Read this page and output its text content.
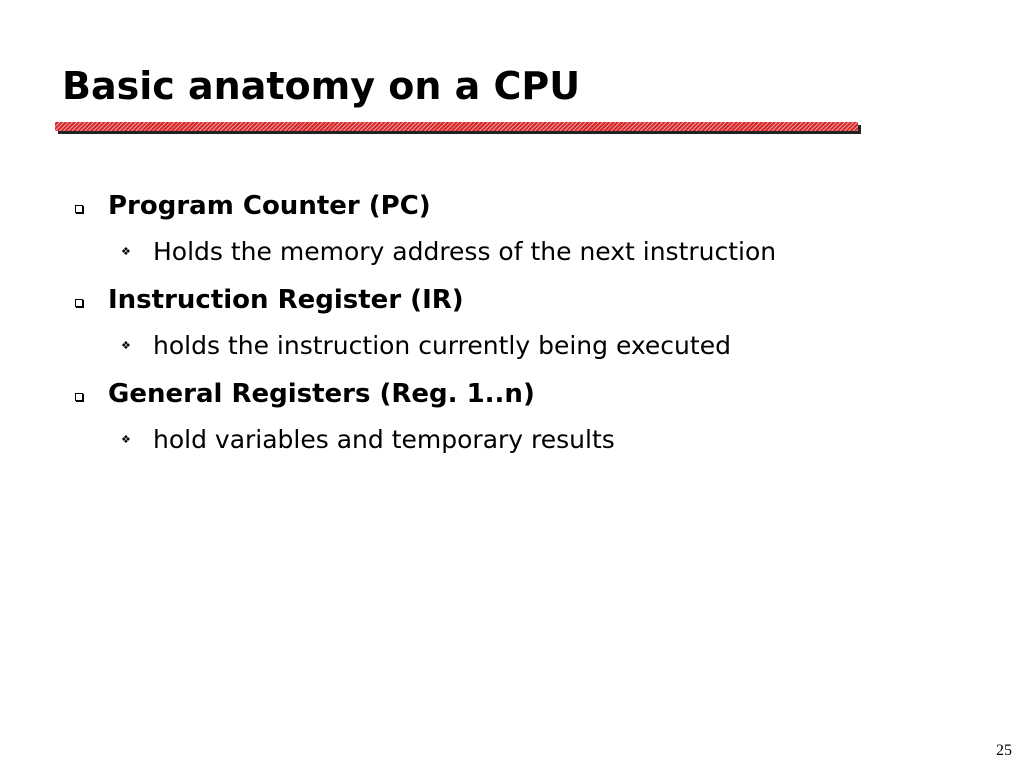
Basic anatomy on a CPU
Program Counter (PC)
❖ Holds the memory address of the next instruction
Instruction Register (IR)
❖ holds the instruction currently being executed
General Registers (Reg. 1..n)
❖ hold variables and temporary results
25
